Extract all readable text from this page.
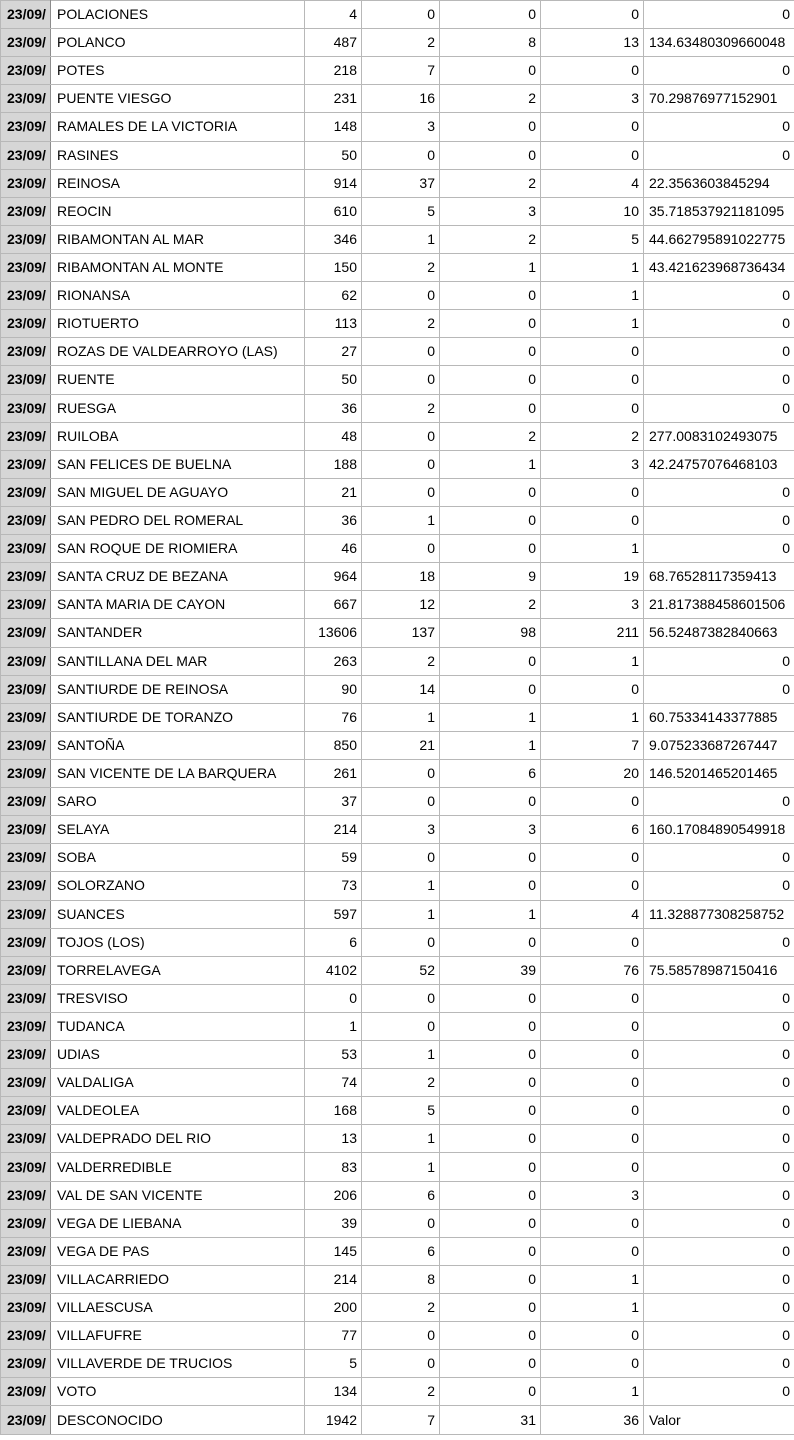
23/09/	POLACIONES	4	0	0	0	0
23/09/	POLANCO	487	2	8	13	134.63480309660048
23/09/	POTES	218	7	0	0	0
23/09/	PUENTE VIESGO	231	16	2	3	70.29876977152901
23/09/	RAMALES DE LA VICTORIA	148	3	0	0	0
23/09/	RASINES	50	0	0	0	0
23/09/	REINOSA	914	37	2	4	22.3563603845294
23/09/	REOCIN	610	5	3	10	35.718537921181095
23/09/	RIBAMONTAN AL MAR	346	1	2	5	44.662795891022775
23/09/	RIBAMONTAN AL MONTE	150	2	1	1	43.421623968736434
23/09/	RIONANSA	62	0	0	1	0
23/09/	RIOTUERTO	113	2	0	1	0
23/09/	ROZAS DE VALDEARROYO (LAS)	27	0	0	0	0
23/09/	RUENTE	50	0	0	0	0
23/09/	RUESGA	36	2	0	0	0
23/09/	RUILOBA	48	0	2	2	277.0083102493075
23/09/	SAN FELICES DE BUELNA	188	0	1	3	42.24757076468103
23/09/	SAN MIGUEL DE AGUAYO	21	0	0	0	0
23/09/	SAN PEDRO DEL ROMERAL	36	1	0	0	0
23/09/	SAN ROQUE DE RIOMIERA	46	0	0	1	0
23/09/	SANTA CRUZ DE BEZANA	964	18	9	19	68.76528117359413
23/09/	SANTA MARIA DE CAYON	667	12	2	3	21.817388458601506
23/09/	SANTANDER	13606	137	98	211	56.52487382840663
23/09/	SANTILLANA DEL MAR	263	2	0	1	0
23/09/	SANTIURDE DE REINOSA	90	14	0	0	0
23/09/	SANTIURDE DE TORANZO	76	1	1	1	60.75334143377885
23/09/	SANTOÑA	850	21	1	7	9.075233687267447
23/09/	SAN VICENTE DE LA BARQUERA	261	0	6	20	146.5201465201465
23/09/	SARO	37	0	0	0	0
23/09/	SELAYA	214	3	3	6	160.17084890549918
23/09/	SOBA	59	0	0	0	0
23/09/	SOLORZANO	73	1	0	0	0
23/09/	SUANCES	597	1	1	4	11.328877308258752
23/09/	TOJOS (LOS)	6	0	0	0	0
23/09/	TORRELAVEGA	4102	52	39	76	75.58578987150416
23/09/	TRESVISO	0	0	0	0	0
23/09/	TUDANCA	1	0	0	0	0
23/09/	UDIAS	53	1	0	0	0
23/09/	VALDALIGA	74	2	0	0	0
23/09/	VALDEOLEA	168	5	0	0	0
23/09/	VALDEPRADO DEL RIO	13	1	0	0	0
23/09/	VALDERREDIBLE	83	1	0	0	0
23/09/	VAL DE SAN VICENTE	206	6	0	3	0
23/09/	VEGA DE LIEBANA	39	0	0	0	0
23/09/	VEGA DE PAS	145	6	0	0	0
23/09/	VILLACARRIEDO	214	8	0	1	0
23/09/	VILLAESCUSA	200	2	0	1	0
23/09/	VILLAFUFRE	77	0	0	0	0
23/09/	VILLAVERDE DE TRUCIOS	5	0	0	0	0
23/09/	VOTO	134	2	0	1	0
23/09/	DESCONOCIDO	1942	7	31	36	Valor
